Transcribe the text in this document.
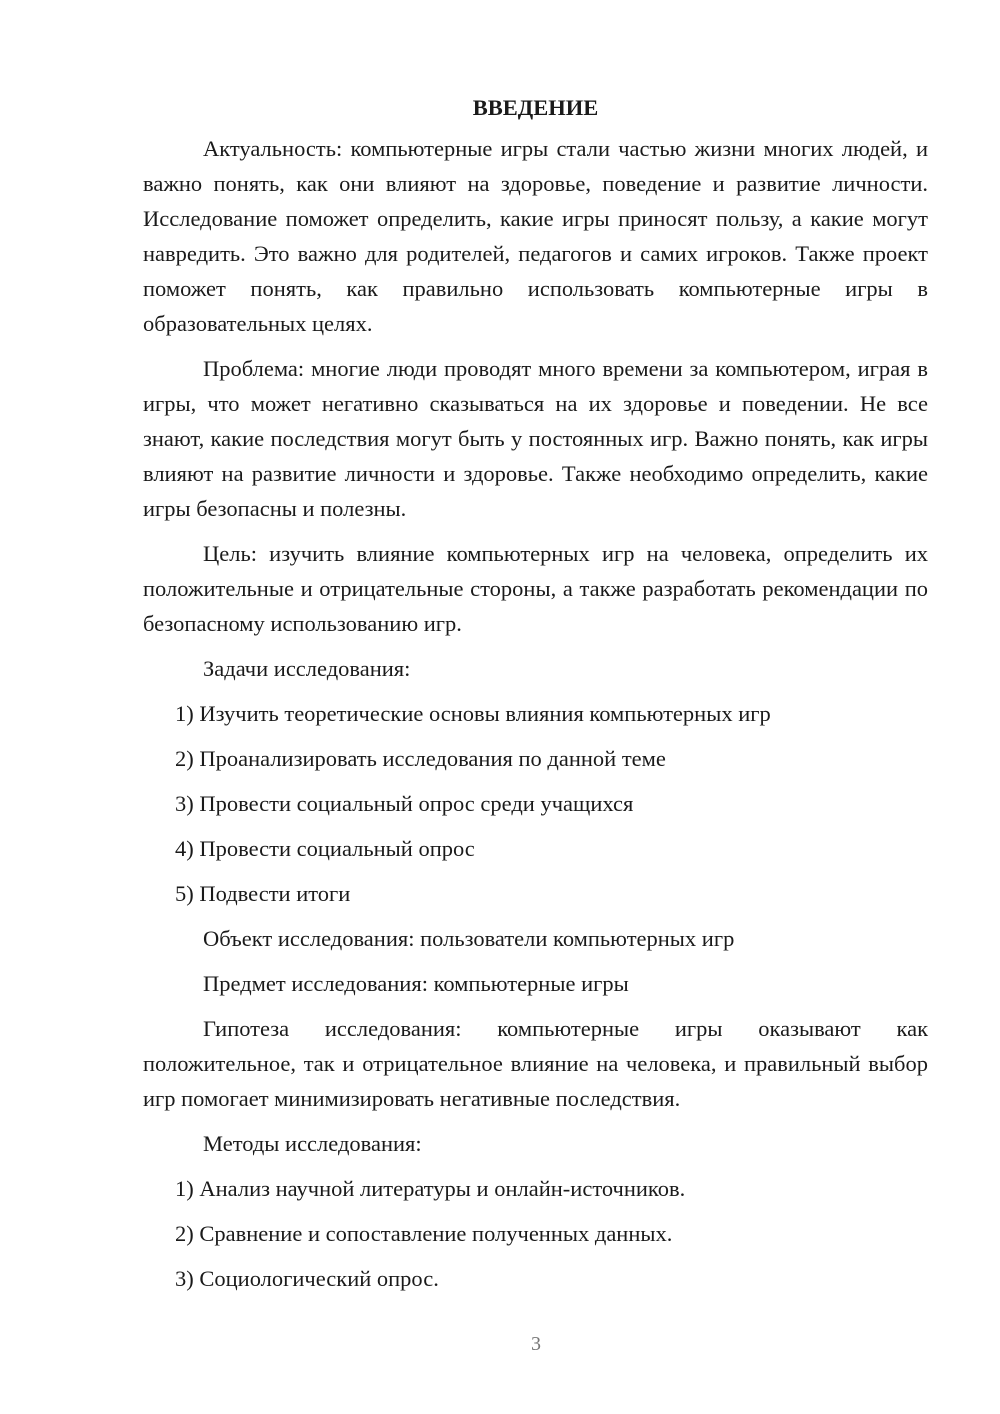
ВВЕДЕНИЕ

Актуальность: компьютерные игры стали частью жизни многих людей, и важно понять, как они влияют на здоровье, поведение и развитие личности. Исследование поможет определить, какие игры приносят пользу, а какие могут навредить. Это важно для родителей, педагогов и самих игроков. Также проект поможет понять, как правильно использовать компьютерные игры в образовательных целях.

Проблема: многие люди проводят много времени за компьютером, играя в игры, что может негативно сказываться на их здоровье и поведении. Не все знают, какие последствия могут быть у постоянных игр. Важно понять, как игры влияют на развитие личности и здоровье. Также необходимо определить, какие игры безопасны и полезны.

Цель: изучить влияние компьютерных игр на человека, определить их положительные и отрицательные стороны, а также разработать рекомендации по безопасному использованию игр.

Задачи исследования:

1) Изучить теоретические основы влияния компьютерных игр

2) Проанализировать исследования по данной теме

3) Провести социальный опрос среди учащихся

4) Провести социальный опрос

5) Подвести итоги

Объект исследования: пользователи компьютерных игр

Предмет исследования: компьютерные игры

Гипотеза исследования: компьютерные игры оказывают как положительное, так и отрицательное влияние на человека, и правильный выбор игр помогает минимизировать негативные последствия.

Методы исследования:

1) Анализ научной литературы и онлайн-источников.

2) Сравнение и сопоставление полученных данных.

3) Социологический опрос.

3
